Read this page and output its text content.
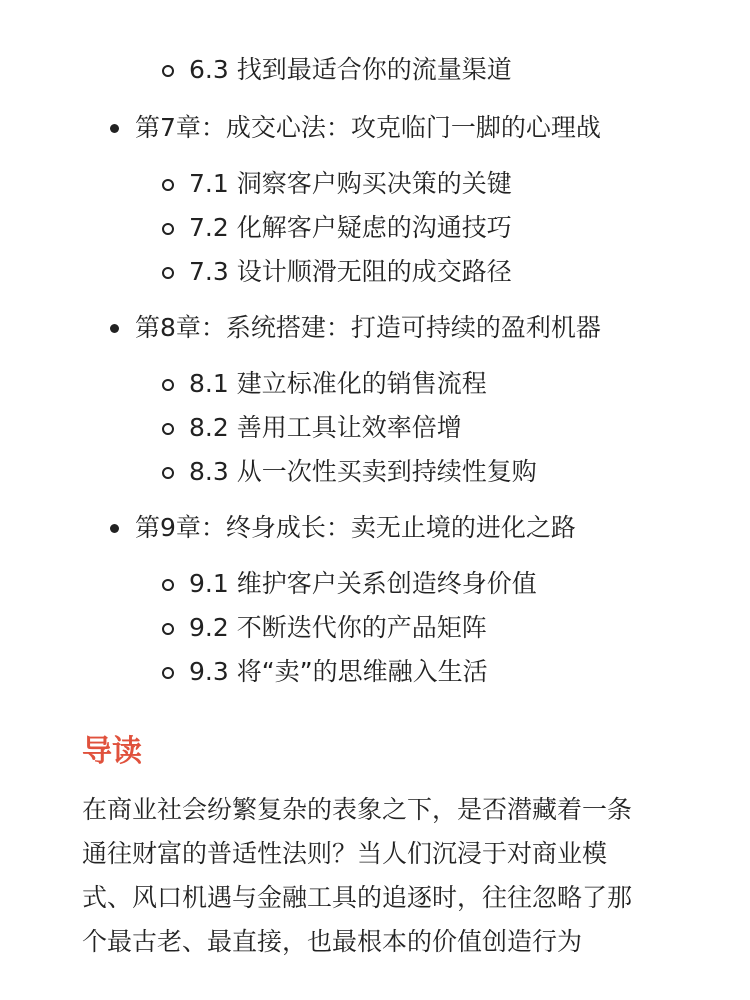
6.3 找到最适合你的流量渠道
第7章：成交心法：攻克临门一脚的心理战
7.1 洞察客户购买决策的关键
7.2 化解客户疑虑的沟通技巧
7.3 设计顺滑无阻的成交路径
第8章：系统搭建：打造可持续的盈利机器
8.1 建立标准化的销售流程
8.2 善用工具让效率倍增
8.3 从一次性买卖到持续性复购
第9章：终身成长：卖无止境的进化之路
9.1 维护客户关系创造终身价值
9.2 不断迭代你的产品矩阵
9.3 将“卖”的思维融入生活
导读
在商业社会纷繁复杂的表象之下，是否潜藏着一条
通往财富的普适性法则？当人们沉浸于对商业模
式、风口机遇与金融工具的追逐时，往往忽略了那
个最古老、最直接，也最根本的价值创造行为
